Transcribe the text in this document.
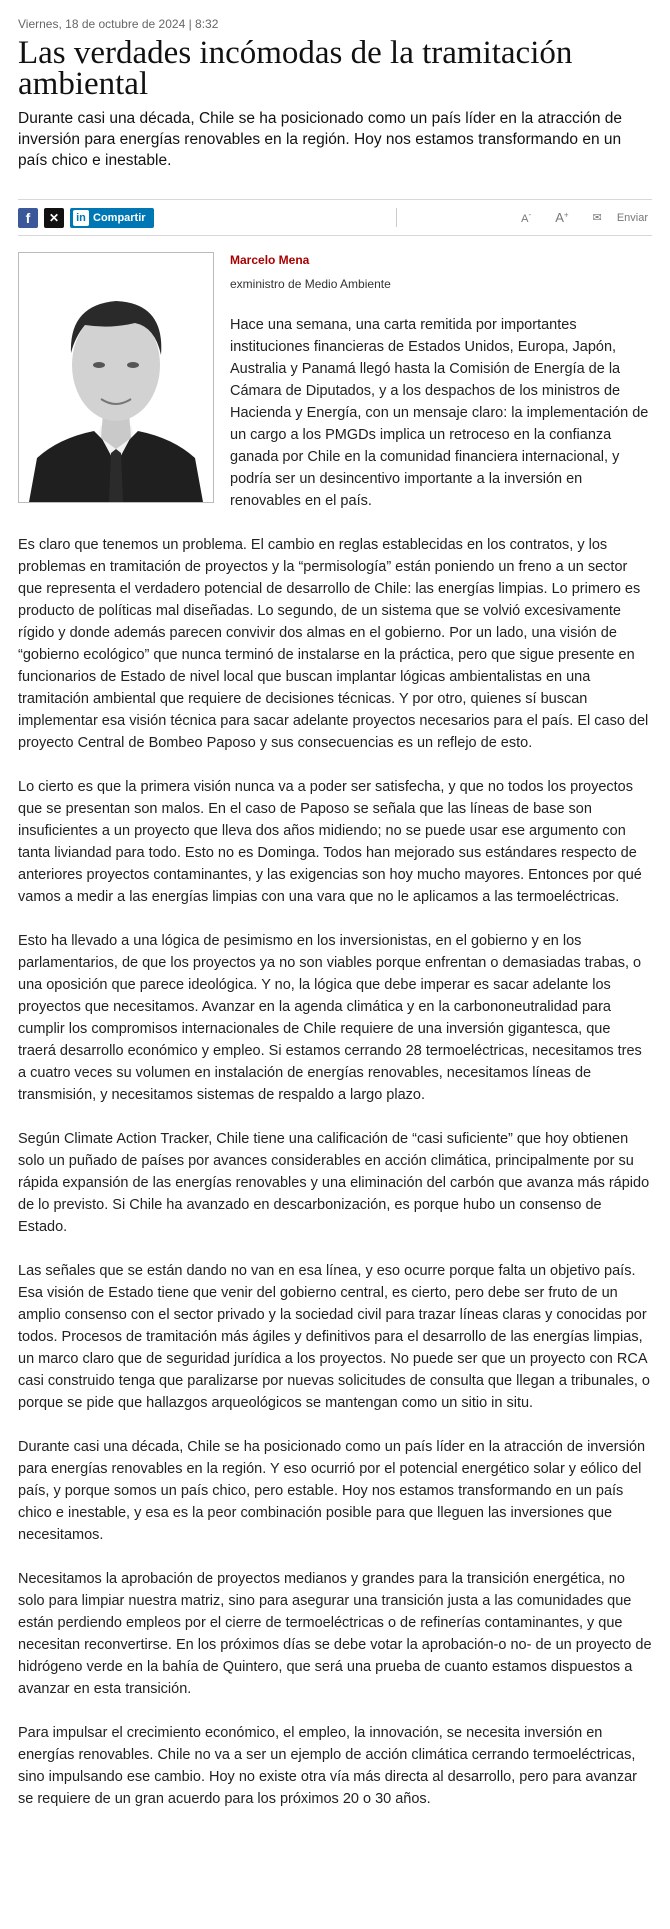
Viernes, 18 de octubre de 2024 | 8:32

Las verdades incómodas de la tramitación ambiental

Durante casi una década, Chile se ha posicionado como un país líder en la atracción de inversión para energías renovables en la región. Hoy nos estamos transformando en un país chico e inestable.

f	✕	in Compartir	A-	A+	✉ Enviar

Marcelo Mena

exministro de Medio Ambiente

Hace una semana, una carta remitida por importantes instituciones financieras de Estados Unidos, Europa, Japón, Australia y Panamá llegó hasta la Comisión de Energía de la Cámara de Diputados, y a los despachos de los ministros de Hacienda y Energía, con un mensaje claro: la implementación de un cargo a los PMGDs implica un retroceso en la confianza ganada por Chile en la comunidad financiera internacional, y podría ser un desincentivo importante a la inversión en renovables en el país.

Es claro que tenemos un problema. El cambio en reglas establecidas en los contratos, y los problemas en tramitación de proyectos y la “permisología” están poniendo un freno a un sector que representa el verdadero potencial de desarrollo de Chile: las energías limpias. Lo primero es producto de políticas mal diseñadas. Lo segundo, de un sistema que se volvió excesivamente rígido y donde además parecen convivir dos almas en el gobierno. Por un lado, una visión de “gobierno ecológico” que nunca terminó de instalarse en la práctica, pero que sigue presente en funcionarios de Estado de nivel local que buscan implantar lógicas ambientalistas en una tramitación ambiental que requiere de decisiones técnicas. Y por otro, quienes sí buscan implementar esa visión técnica para sacar adelante proyectos necesarios para el país. El caso del proyecto Central de Bombeo Paposo y sus consecuencias es un reflejo de esto.

Lo cierto es que la primera visión nunca va a poder ser satisfecha, y que no todos los proyectos que se presentan son malos. En el caso de Paposo se señala que las líneas de base son insuficientes a un proyecto que lleva dos años midiendo; no se puede usar ese argumento con tanta liviandad para todo. Esto no es Dominga. Todos han mejorado sus estándares respecto de anteriores proyectos contaminantes, y las exigencias son hoy mucho mayores. Entonces por qué vamos a medir a las energías limpias con una vara que no le aplicamos a las termoeléctricas.

Esto ha llevado a una lógica de pesimismo en los inversionistas, en el gobierno y en los parlamentarios, de que los proyectos ya no son viables porque enfrentan o demasiadas trabas, o una oposición que parece ideológica. Y no, la lógica que debe imperar es sacar adelante los proyectos que necesitamos. Avanzar en la agenda climática y en la carbononeutralidad para cumplir los compromisos internacionales de Chile requiere de una inversión gigantesca, que traerá desarrollo económico y empleo. Si estamos cerrando 28 termoeléctricas, necesitamos tres a cuatro veces su volumen en instalación de energías renovables, necesitamos líneas de transmisión, y necesitamos sistemas de respaldo a largo plazo.

Según Climate Action Tracker, Chile tiene una calificación de “casi suficiente” que hoy obtienen solo un puñado de países por avances considerables en acción climática, principalmente por su rápida expansión de las energías renovables y una eliminación del carbón que avanza más rápido de lo previsto. Si Chile ha avanzado en descarbonización, es porque hubo un consenso de Estado.

Las señales que se están dando no van en esa línea, y eso ocurre porque falta un objetivo país. Esa visión de Estado tiene que venir del gobierno central, es cierto, pero debe ser fruto de un amplio consenso con el sector privado y la sociedad civil para trazar líneas claras y conocidas por todos. Procesos de tramitación más ágiles y definitivos para el desarrollo de las energías limpias, un marco claro que de seguridad jurídica a los proyectos. No puede ser que un proyecto con RCA casi construido tenga que paralizarse por nuevas solicitudes de consulta que llegan a tribunales, o porque se pide que hallazgos arqueológicos se mantengan como un sitio in situ.

Durante casi una década, Chile se ha posicionado como un país líder en la atracción de inversión para energías renovables en la región. Y eso ocurrió por el potencial energético solar y eólico del país, y porque somos un país chico, pero estable. Hoy nos estamos transformando en un país chico e inestable, y esa es la peor combinación posible para que lleguen las inversiones que necesitamos.

Necesitamos la aprobación de proyectos medianos y grandes para la transición energética, no solo para limpiar nuestra matriz, sino para asegurar una transición justa a las comunidades que están perdiendo empleos por el cierre de termoeléctricas o de refinerías contaminantes, y que necesitan reconvertirse. En los próximos días se debe votar la aprobación-o no- de un proyecto de hidrógeno verde en la bahía de Quintero, que será una prueba de cuanto estamos dispuestos a avanzar en esta transición.

Para impulsar el crecimiento económico, el empleo, la innovación, se necesita inversión en energías renovables. Chile no va a ser un ejemplo de acción climática cerrando termoeléctricas, sino impulsando ese cambio. Hoy no existe otra vía más directa al desarrollo, pero para avanzar se requiere de un gran acuerdo para los próximos 20 o 30 años.
